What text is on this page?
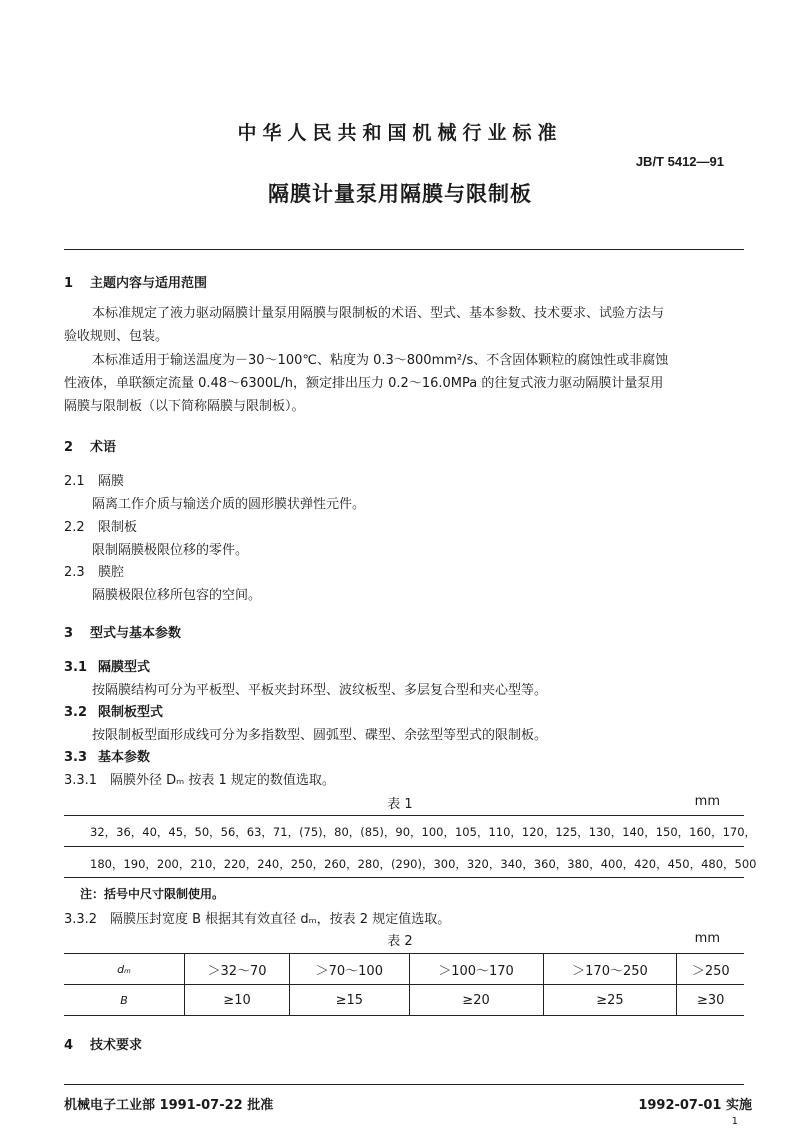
中华人民共和国机械行业标准
JB/T 5412—91
隔膜计量泵用隔膜与限制板
1 主题内容与适用范围
本标准规定了液力驱动隔膜计量泵用隔膜与限制板的术语、型式、基本参数、技术要求、试验方法与
验收规则、包装。
本标准适用于输送温度为－30～100℃、粘度为 0.3～800mm²/s、不含固体颗粒的腐蚀性或非腐蚀
性液体，单联额定流量 0.48～6300L/h，额定排出压力 0.2～16.0MPa 的往复式液力驱动隔膜计量泵用
隔膜与限制板（以下简称隔膜与限制板）。
2 术语
2.1 隔膜
隔离工作介质与输送介质的圆形膜状弹性元件。
2.2 限制板
限制隔膜极限位移的零件。
2.3 膜腔
隔膜极限位移所包容的空间。
3 型式与基本参数
3.1 隔膜型式
按隔膜结构可分为平板型、平板夹封环型、波纹板型、多层复合型和夹心型等。
3.2 限制板型式
按限制板型面形成线可分为多指数型、圆弧型、碟型、余弦型等型式的限制板。
3.3 基本参数
3.3.1 隔膜外径 Dₘ 按表 1 规定的数值选取。
表 1	mm
32，36，40，45，50，56，63，71，(75)，80，(85)，90，100，105，110，120，125，130，140，150，160，170，
180，190，200，210，220，240，250，260，280，(290)，300，320，340，360，380，400，420，450，480，500
注：括号中尺寸限制使用。
3.3.2 隔膜压封宽度 B 根据其有效直径 dₘ，按表 2 规定值选取。
表 2	mm
dₘ	＞32～70	＞70～100	＞100～170	＞170～250	＞250
B	≥10	≥15	≥20	≥25	≥30
4 技术要求
机械电子工业部 1991-07-22 批准	1992-07-01 实施
1
